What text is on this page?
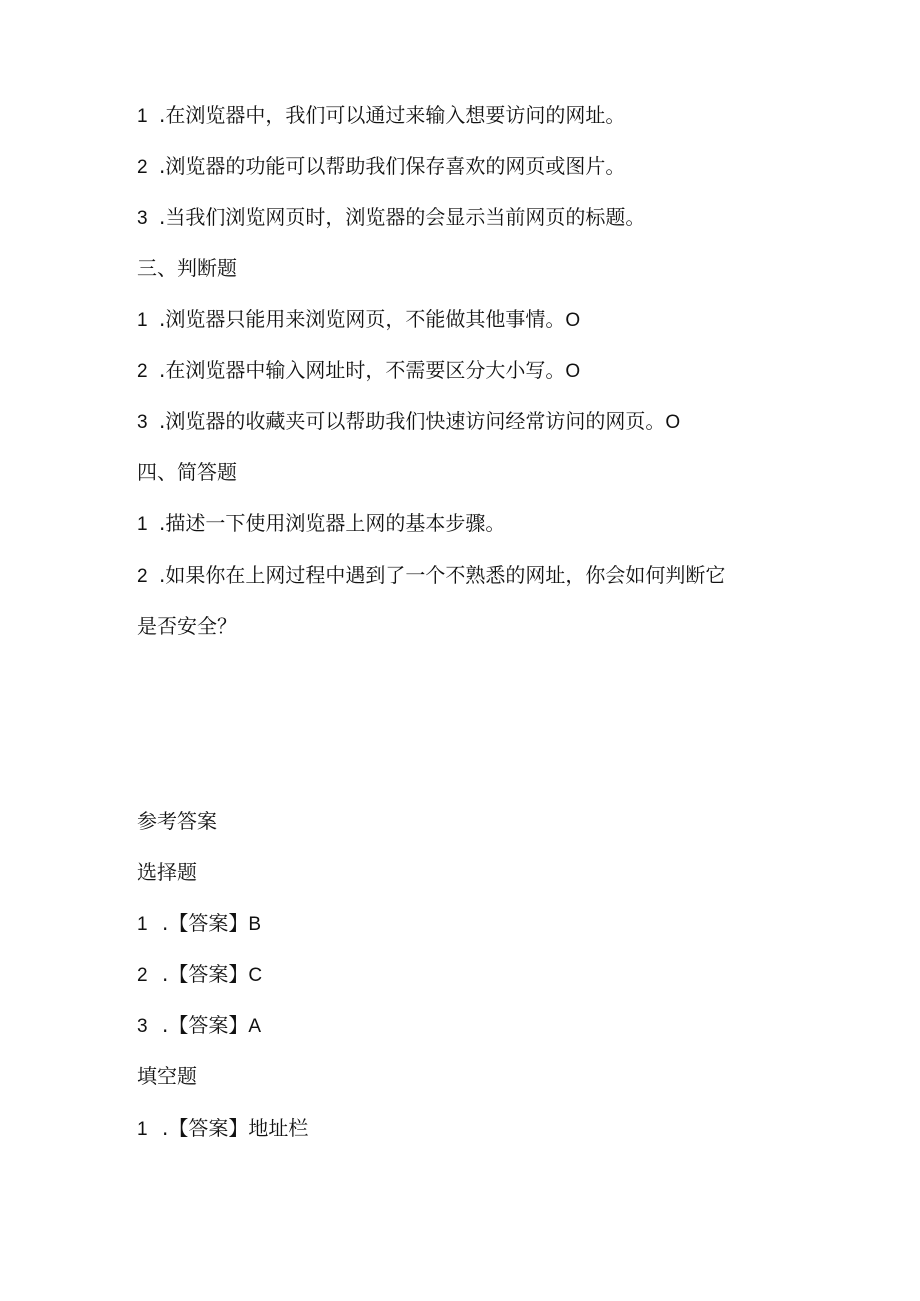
1 .在浏览器中，我们可以通过来输入想要访问的网址。
2 .浏览器的功能可以帮助我们保存喜欢的网页或图片。
3 .当我们浏览网页时，浏览器的会显示当前网页的标题。
三、判断题
1 .浏览器只能用来浏览网页，不能做其他事情。O
2 .在浏览器中输入网址时，不需要区分大小写。O
3 .浏览器的收藏夹可以帮助我们快速访问经常访问的网页。O
四、简答题
1 .描述一下使用浏览器上网的基本步骤。
2 .如果你在上网过程中遇到了一个不熟悉的网址，你会如何判断它
是否安全？
参考答案
选择题
1 .【答案】B
2 .【答案】C
3 .【答案】A
填空题
1 .【答案】地址栏
